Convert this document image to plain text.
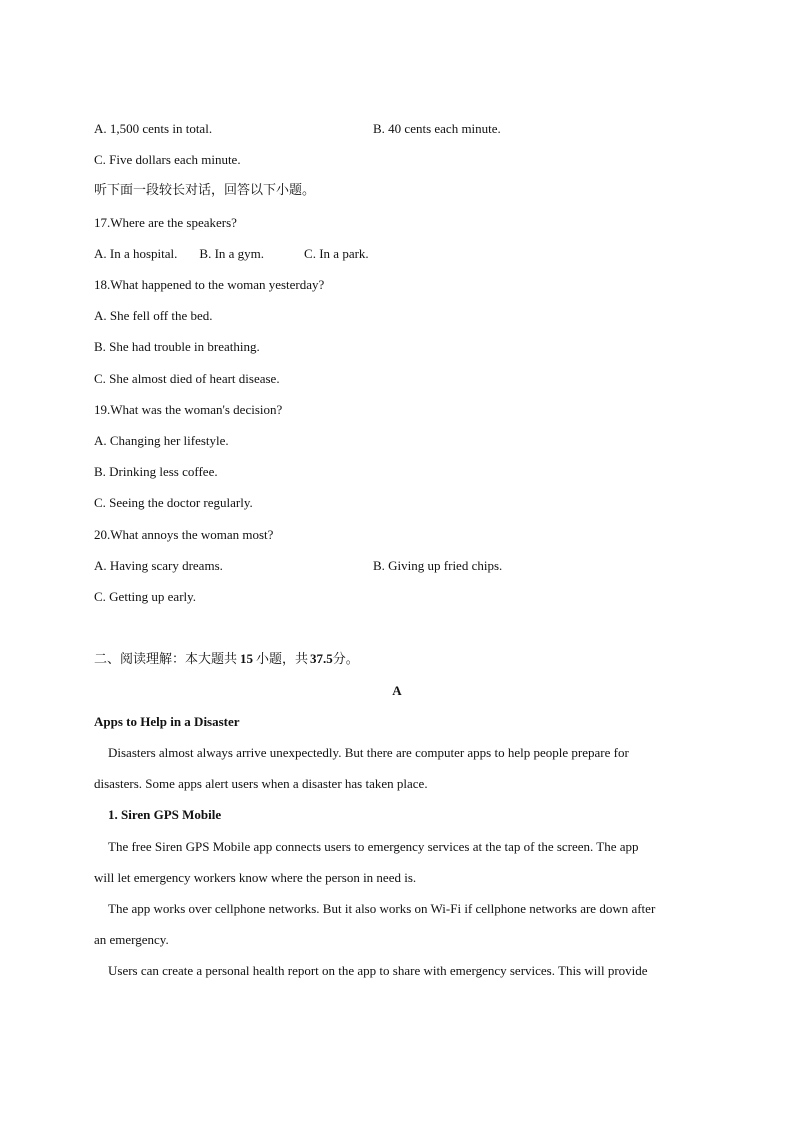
A. 1,500 cents in total.	B. 40 cents each minute.
C. Five dollars each minute.
听下面一段较长对话，回答以下小题。
17.Where are the speakers?
A. In a hospital. B. In a gym.	C. In a park.
18.What happened to the woman yesterday?
A. She fell off the bed.
B. She had trouble in breathing.
C. She almost died of heart disease.
19.What was the woman's decision?
A. Changing her lifestyle.
B. Drinking less coffee.
C. Seeing the doctor regularly.
20.What annoys the woman most?
A. Having scary dreams.	B. Giving up fried chips.
C. Getting up early.
二、阅读理解：本大题共 15 小题，共 37.5分。
A
Apps to Help in a Disaster
Disasters almost always arrive unexpectedly. But there are computer apps to help people prepare for
disasters. Some apps alert users when a disaster has taken place.
1. Siren GPS Mobile
The free Siren GPS Mobile app connects users to emergency services at the tap of the screen. The app
will let emergency workers know where the person in need is.
The app works over cellphone networks. But it also works on Wi-Fi if cellphone networks are down after
an emergency.
Users can create a personal health report on the app to share with emergency services. This will provide
